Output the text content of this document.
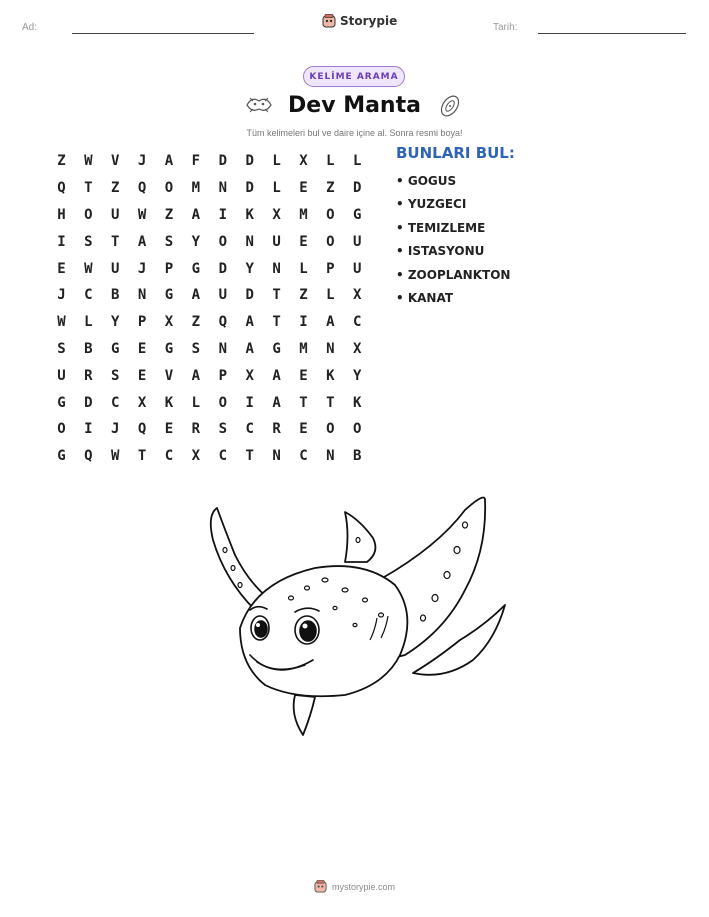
Ad:	Storypie	Tarih:
KELİME ARAMA
Dev Manta
Tüm kelimeleri bul ve daire içine al. Sonra resmi boya!
Z	W	V	J	A	F	D	D	L	X	L	L
Q	T	Z	Q	O	M	N	D	L	E	Z	D
H	O	U	W	Z	A	I	K	X	M	O	G
I	S	T	A	S	Y	O	N	U	E	O	U
E	W	U	J	P	G	D	Y	N	L	P	U
J	C	B	N	G	A	U	D	T	Z	L	X
W	L	Y	P	X	Z	Q	A	T	I	A	C
S	B	G	E	G	S	N	A	G	M	N	X
U	R	S	E	V	A	P	X	A	E	K	Y
G	D	C	X	K	L	O	I	A	T	T	K
O	I	J	Q	E	R	S	C	R	E	O	O
G	Q	W	T	C	X	C	T	N	C	N	B
BUNLARI BUL:
• GOGUS
• YUZGECI
• TEMIZLEME
• ISTASYONU
• ZOOPLANKTON
• KANAT
mystorypie.com
